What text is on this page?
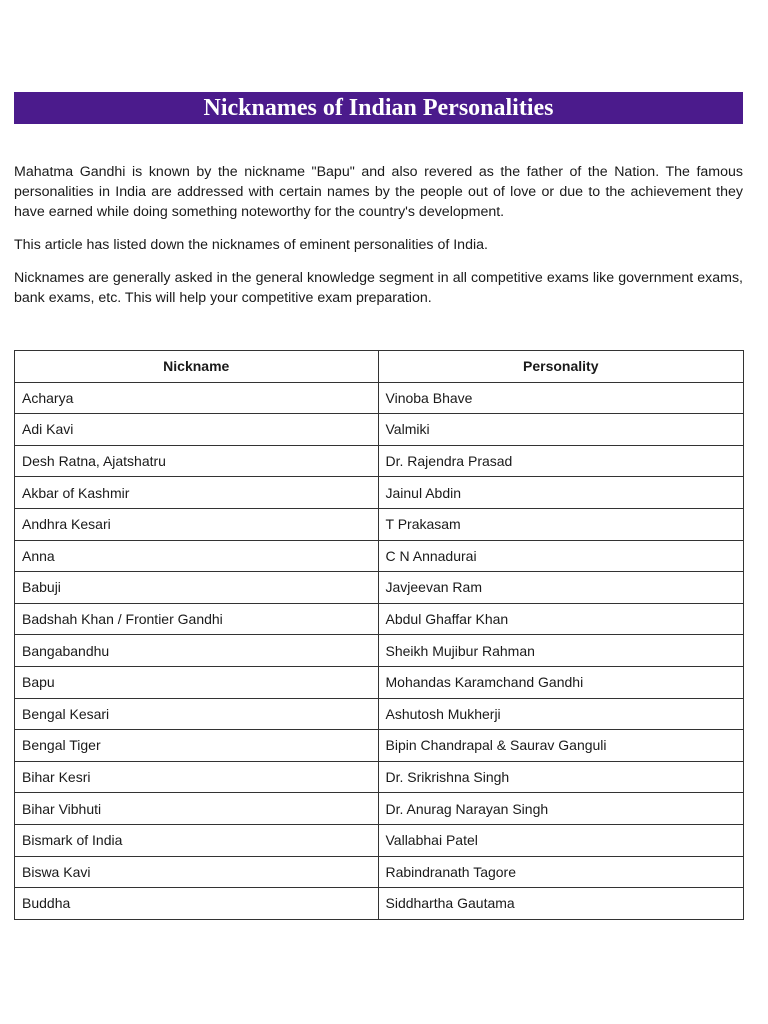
Nicknames of Indian Personalities

Mahatma Gandhi is known by the nickname "Bapu" and also revered as the father of the Nation. The famous personalities in India are addressed with certain names by the people out of love or due to the achievement they have earned while doing something noteworthy for the country's development.

This article has listed down the nicknames of eminent personalities of India.

Nicknames are generally asked in the general knowledge segment in all competitive exams like government exams, bank exams, etc. This will help your competitive exam preparation.

Nickname	Personality
Acharya	Vinoba Bhave
Adi Kavi	Valmiki
Desh Ratna, Ajatshatru	Dr. Rajendra Prasad
Akbar of Kashmir	Jainul Abdin
Andhra Kesari	T Prakasam
Anna	C N Annadurai
Babuji	Javjeevan Ram
Badshah Khan / Frontier Gandhi	Abdul Ghaffar Khan
Bangabandhu	Sheikh Mujibur Rahman
Bapu	Mohandas Karamchand Gandhi
Bengal Kesari	Ashutosh Mukherji
Bengal Tiger	Bipin Chandrapal & Saurav Ganguli
Bihar Kesri	Dr. Srikrishna Singh
Bihar Vibhuti	Dr. Anurag Narayan Singh
Bismark of India	Vallabhai Patel
Biswa Kavi	Rabindranath Tagore
Buddha	Siddhartha Gautama
